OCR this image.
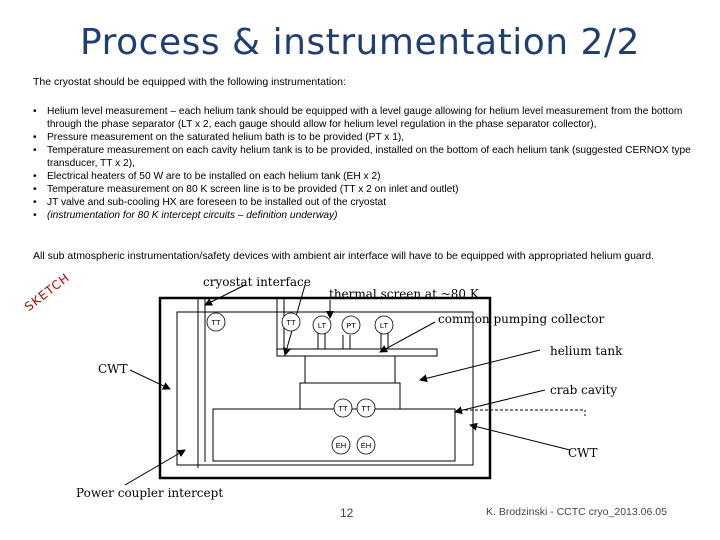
Process & instrumentation 2/2
The cryostat should be equipped with the following instrumentation:
• Helium level measurement – each helium tank should be equipped with a level gauge allowing for helium level measurement from the bottom through the phase separator (LT x 2, each gauge should allow for helium level regulation in the phase separator collector),
• Pressure measurement on the saturated helium bath is to be provided (PT x 1),
• Temperature measurement on each cavity helium tank is to be provided, installed on the bottom of each helium tank (suggested CERNOX type transducer, TT x 2),
• Electrical heaters of 50 W are to be installed on each helium tank (EH x 2)
• Temperature measurement on 80 K screen line is to be provided (TT x 2 on inlet and outlet)
• JT valve and sub-cooling HX are foreseen to be installed out of the cryostat
• (instrumentation for 80 K intercept circuits – definition underway)
All sub atmospheric instrumentation/safety devices with ambient air interface will have to be equipped with appropriated helium guard.
TT	TT	LT	PT	LT
TT TT
EH EH
SKETCH	cryostat interface
thermal screen at ~80 K
common pumping collector
helium tank
CWT
crab cavity
CWT
Power coupler intercept
12	K. Brodzinski - CCTC cryo_2013.06.05
